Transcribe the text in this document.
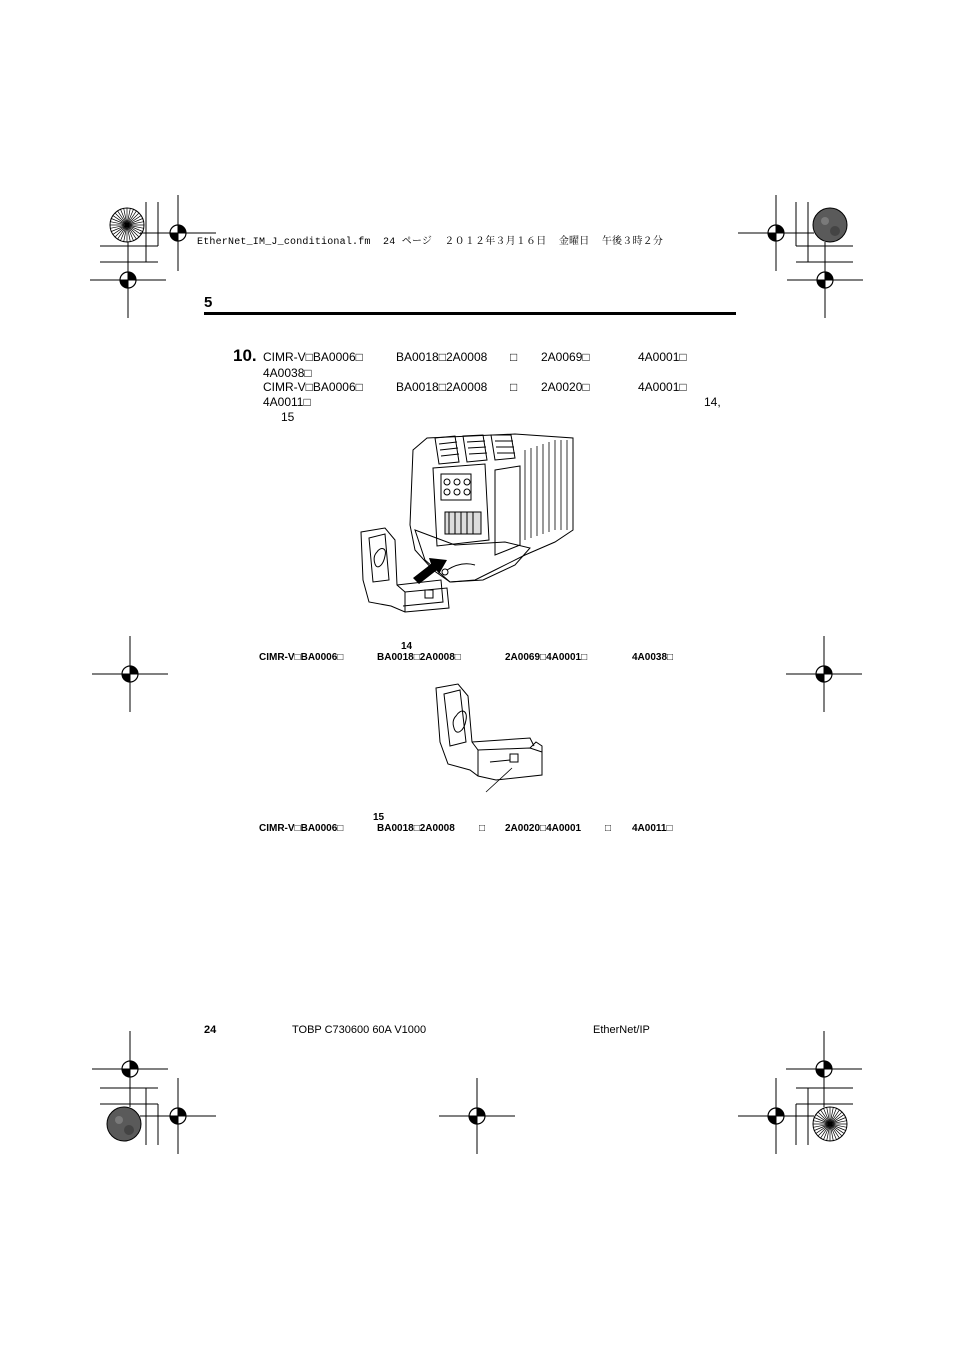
EtherNet_IM_J_conditional.fm  24 ページ  ２０１２年３月１６日  金曜日  午後３時２分
5
10. CIMR-V□BA0006□	BA0018□2A0008 □ 2A0069□	4A0001□
4A0038□
CIMR-V□BA0006□	BA0018□2A0008 □ 2A0020□	4A0001□
4A0011□	14,
15
14
CIMR-V□BA0006□	BA0018□2A0008□	2A0069□4A0001□	4A0038□
15
CIMR-V□BA0006□	BA0018□2A0008 □ 2A0020□4A0001 □ 4A0011□
24	TOBP C730600 60A V1000	EtherNet/IP
